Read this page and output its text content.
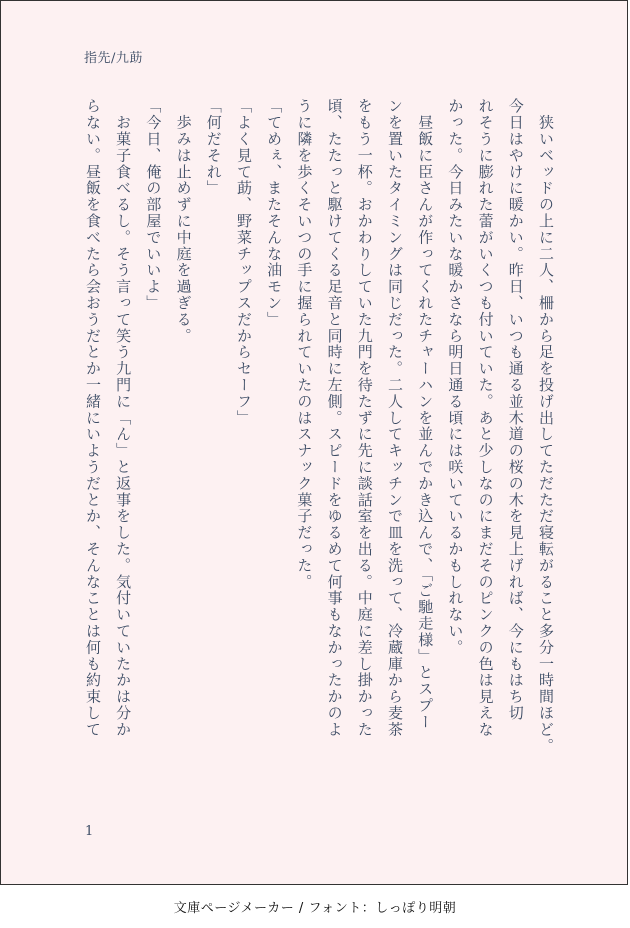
指先/九莇

　狭いベッドの上に二人、柵から足を投げ出してただただ寝転がること多分一時間ほど。

今日はやけに暖かい。昨日、いつも通る並木道の桜の木を見上げれば、今にもはち切

れそうに膨れた蕾がいくつも付いていた。あと少しなのにまだそのピンクの色は見えな

かった。今日みたいな暖かさなら明日通る頃には咲いているかもしれない。

　昼飯に臣さんが作ってくれたチャーハンを並んでかき込んで、「ご馳走様」とスプー

ンを置いたタイミングは同じだった。二人してキッチンで皿を洗って、冷蔵庫から麦茶

をもう一杯。おかわりしていた九門を待たずに先に談話室を出る。中庭に差し掛かった

頃、たたっと駆けてくる足音と同時に左側。スピードをゆるめて何事もなかったかのよ

うに隣を歩くそいつの手に握られていたのはスナック菓子だった。

「てめぇ、またそんな油モン」

「よく見て莇、野菜チップスだからセーフ」

「何だそれ」

　歩みは止めずに中庭を過ぎる。

「今日、俺の部屋でいいよ」

　お菓子食べるし。そう言って笑う九門に「ん」と返事をした。気付いていたかは分か

らない。昼飯を食べたら会おうだとか一緒にいようだとか、そんなことは何も約束して

1
文庫ページメーカー / フォント：しっぽり明朝
